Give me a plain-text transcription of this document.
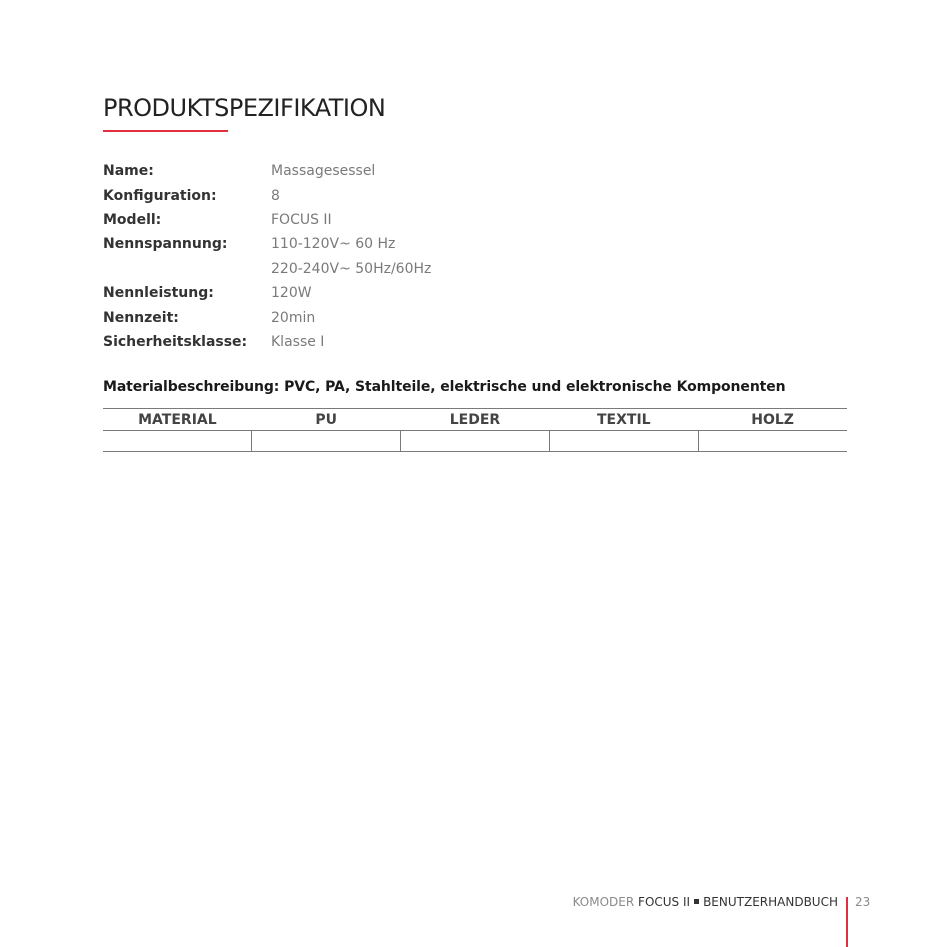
PRODUKTSPEZIFIKATION
Name:	Massagesessel
Konfiguration:	8
Modell:	FOCUS II
Nennspannung:	110-120V~ 60 Hz
220-240V~ 50Hz/60Hz
Nennleistung:	120W
Nennzeit:	20min
Sicherheitsklasse:	Klasse I
Materialbeschreibung: PVC, PA, Stahlteile, elektrische und elektronische Komponenten
MATERIAL	PU	LEDER	TEXTIL	HOLZ

KOMODER FOCUS II BENUTZERHANDBUCH 23
